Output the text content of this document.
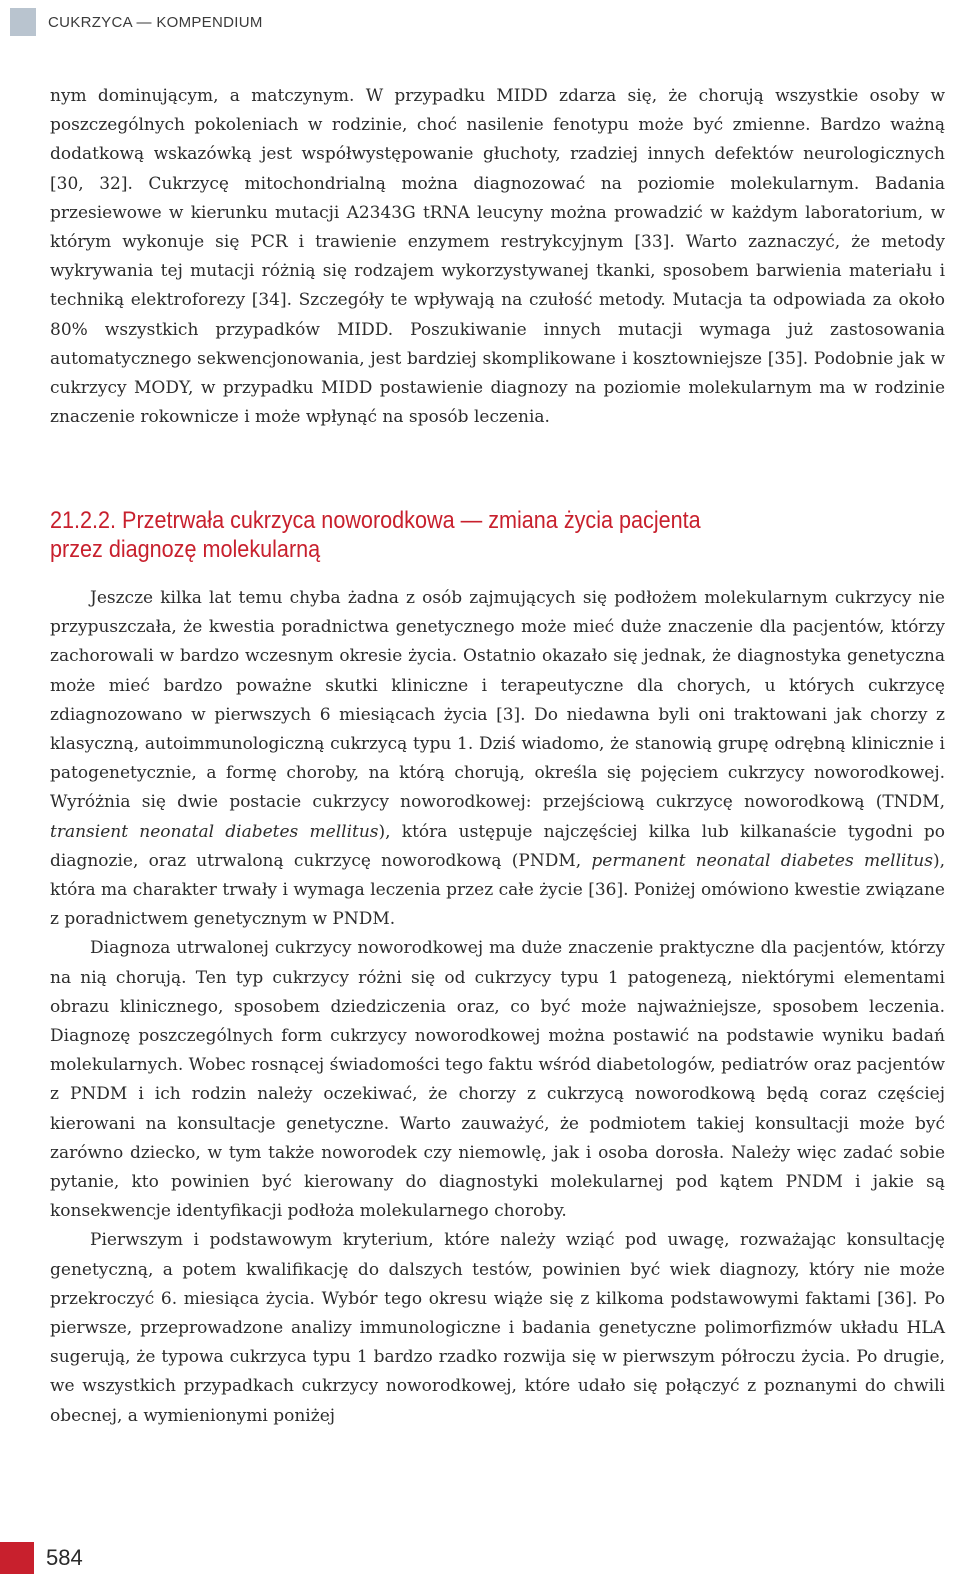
CUKRZYCA — KOMPENDIUM

nym dominującym, a matczynym. W przypadku MIDD zdarza się, że chorują wszystkie osoby w poszczególnych pokoleniach w rodzinie, choć nasilenie fenotypu może być zmienne. Bardzo ważną dodatkową wskazówką jest współwystępowanie głuchoty, rzadziej innych defektów neurologicznych [30, 32]. Cukrzycę mitochondrialną można diagnozować na poziomie molekularnym. Badania przesiewowe w kierunku mutacji A2343G tRNA leucyny można prowadzić w każdym laboratorium, w którym wykonuje się PCR i trawienie enzymem restrykcyjnym [33]. Warto zaznaczyć, że metody wykrywania tej mutacji różnią się rodzajem wykorzystywanej tkanki, sposobem barwienia materiału i techniką elektroforezy [34]. Szczegóły te wpływają na czułość metody. Mutacja ta odpowiada za około 80% wszystkich przypadków MIDD. Poszukiwanie innych mutacji wymaga już zastosowania automatycznego sekwencjonowania, jest bardziej skomplikowane i kosztowniejsze [35]. Podobnie jak w cukrzycy MODY, w przypadku MIDD postawienie diagnozy na poziomie molekularnym ma w rodzinie znaczenie rokownicze i może wpłynąć na sposób leczenia.

21.2.2. Przetrwała cukrzyca noworodkowa — zmiana życia pacjenta
przez diagnozę molekularną

Jeszcze kilka lat temu chyba żadna z osób zajmujących się podłożem molekularnym cukrzycy nie przypuszczała, że kwestia poradnictwa genetycznego może mieć duże znaczenie dla pacjentów, którzy zachorowali w bardzo wczesnym okresie życia. Ostatnio okazało się jednak, że diagnostyka genetyczna może mieć bardzo poważne skutki kliniczne i terapeutyczne dla chorych, u których cukrzycę zdiagnozowano w pierwszych 6 miesiącach życia [3]. Do niedawna byli oni traktowani jak chorzy z klasyczną, autoimmunologiczną cukrzycą typu 1. Dziś wiadomo, że stanowią grupę odrębną klinicznie i patogenetycznie, a formę choroby, na którą chorują, określa się pojęciem cukrzycy noworodkowej. Wyróżnia się dwie postacie cukrzycy noworodkowej: przejściową cukrzycę noworodkową (TNDM, transient neonatal diabetes mellitus), która ustępuje najczęściej kilka lub kilkanaście tygodni po diagnozie, oraz utrwaloną cukrzycę noworodkową (PNDM, permanent neonatal diabetes mellitus), która ma charakter trwały i wymaga leczenia przez całe życie [36]. Poniżej omówiono kwestie związane z poradnictwem genetycznym w PNDM.

Diagnoza utrwalonej cukrzycy noworodkowej ma duże znaczenie praktyczne dla pacjentów, którzy na nią chorują. Ten typ cukrzycy różni się od cukrzycy typu 1 patogenezą, niektórymi elementami obrazu klinicznego, sposobem dziedziczenia oraz, co być może najważniejsze, sposobem leczenia. Diagnozę poszczególnych form cukrzycy noworodkowej można postawić na podstawie wyniku badań molekularnych. Wobec rosnącej świadomości tego faktu wśród diabetologów, pediatrów oraz pacjentów z PNDM i ich rodzin należy oczekiwać, że chorzy z cukrzycą noworodkową będą coraz częściej kierowani na konsultacje genetyczne. Warto zauważyć, że podmiotem takiej konsultacji może być zarówno dziecko, w tym także noworodek czy niemowlę, jak i osoba dorosła. Należy więc zadać sobie pytanie, kto powinien być kierowany do diagnostyki molekularnej pod kątem PNDM i jakie są konsekwencje identyfikacji podłoża molekularnego choroby.

Pierwszym i podstawowym kryterium, które należy wziąć pod uwagę, rozważając konsultację genetyczną, a potem kwalifikację do dalszych testów, powinien być wiek diagnozy, który nie może przekroczyć 6. miesiąca życia. Wybór tego okresu wiąże się z kilkoma podstawowymi faktami [36]. Po pierwsze, przeprowadzone analizy immunologiczne i badania genetyczne polimorfizmów układu HLA sugerują, że typowa cukrzyca typu 1 bardzo rzadko rozwija się w pierwszym półroczu życia. Po drugie, we wszystkich przypadkach cukrzycy noworodkowej, które udało się połączyć z poznanymi do chwili obecnej, a wymienionymi poniżej

584
